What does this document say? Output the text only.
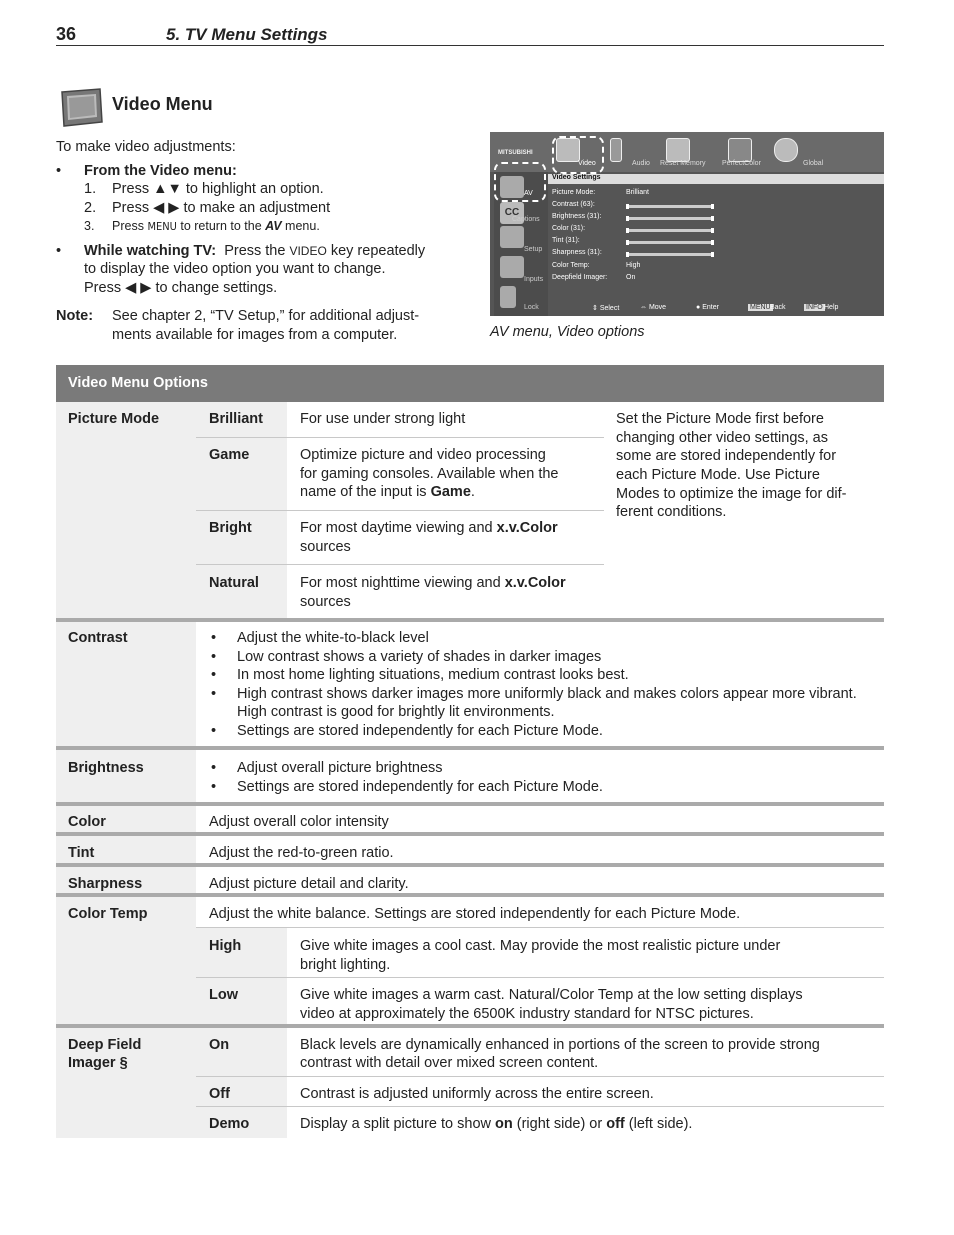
36	5. TV Menu Settings
Video Menu
To make video adjustments:
• From the Video menu:
1. Press ▲▼ to highlight an option.
2. Press ◀ ▶ to make an adjustment
3. Press MENU to return to the AV menu.
• While watching TV: Press the VIDEO key repeatedly
to display the video option you want to change.
Press ◀ ▶ to change settings.
Note: See chapter 2, “TV Setup,” for additional adjust-
ments available for images from a computer.
MITSUBISHI
Video	Audio Reset Memory PerfectColor	Global
AV
CC
Captions
Setup
Inputs
Lock
Video Settings
Picture Mode:	Brilliant
Contrast (63):
Brightness (31):
Color (31):
Tint (31):
Sharpness (31):
Color Temp:	High
Deepfield Imager:	On
⇕ Select	⇔ Move	● Enter	MENU Back	INFO Help
AV menu, Video options
Video Menu Options
Picture Mode	Brilliant	For use under strong light
Game	Optimize picture and video processing
for gaming consoles. Available when the
name of the input is Game.
Bright	For most daytime viewing and x.v.Color
sources
Natural	For most nighttime viewing and x.v.Color
sources
Set the Picture Mode first before
changing other video settings, as
some are stored independently for
each Picture Mode. Use Picture
Modes to optimize the image for dif-
ferent conditions.
Contrast	• Adjust the white-to-black level
• Low contrast shows a variety of shades in darker images
• In most home lighting situations, medium contrast looks best.
• High contrast shows darker images more uniformly black and makes colors appear more vibrant. High contrast is good for brightly lit environments.
• Settings are stored independently for each Picture Mode.
Brightness	• Adjust overall picture brightness
• Settings are stored independently for each Picture Mode.
Color	Adjust overall color intensity
Tint	Adjust the red-to-green ratio.
Sharpness	Adjust picture detail and clarity.
Color Temp	Adjust the white balance. Settings are stored independently for each Picture Mode.
High	Give white images a cool cast. May provide the most realistic picture under
bright lighting.
Low	Give white images a warm cast. Natural/Color Temp at the low setting displays
video at approximately the 6500K industry standard for NTSC pictures.
Deep Field
Imager §
On	Black levels are dynamically enhanced in portions of the screen to provide strong
contrast with detail over mixed screen content.
Off	Contrast is adjusted uniformly across the entire screen.
Demo	Display a split picture to show on (right side) or off (left side).
